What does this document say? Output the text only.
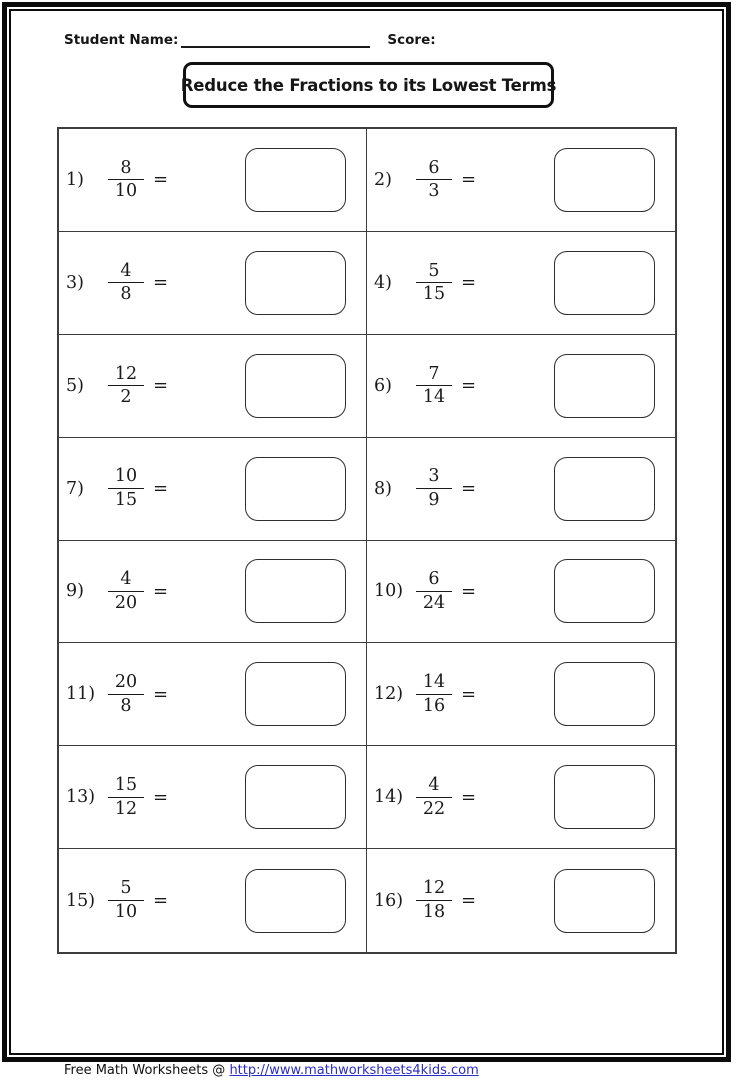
Student Name:	Score:
Reduce the Fractions to its Lowest Terms
1)	$\frac{8}{10}$ =	2)	$\frac{6}{3}$ =
3)	$\frac{4}{8}$ =	4)	$\frac{5}{15}$ =
5)	$\frac{12}{2}$ =	6)	$\frac{7}{14}$ =
7)	$\frac{10}{15}$ =	8)	$\frac{3}{9}$ =
9)	$\frac{4}{20}$ =	$10) \frac{6}{24}$ =
$11) \frac{20}{8}$ =	$12) \frac{14}{16}$ =
$13) \frac{15}{12}$ =	$14) \frac{4}{22}$ =
$15) \frac{5}{10}$ =	$16) \frac{12}{18}$ =
Free Math Worksheets @ http://www.mathworksheets4kids.com
